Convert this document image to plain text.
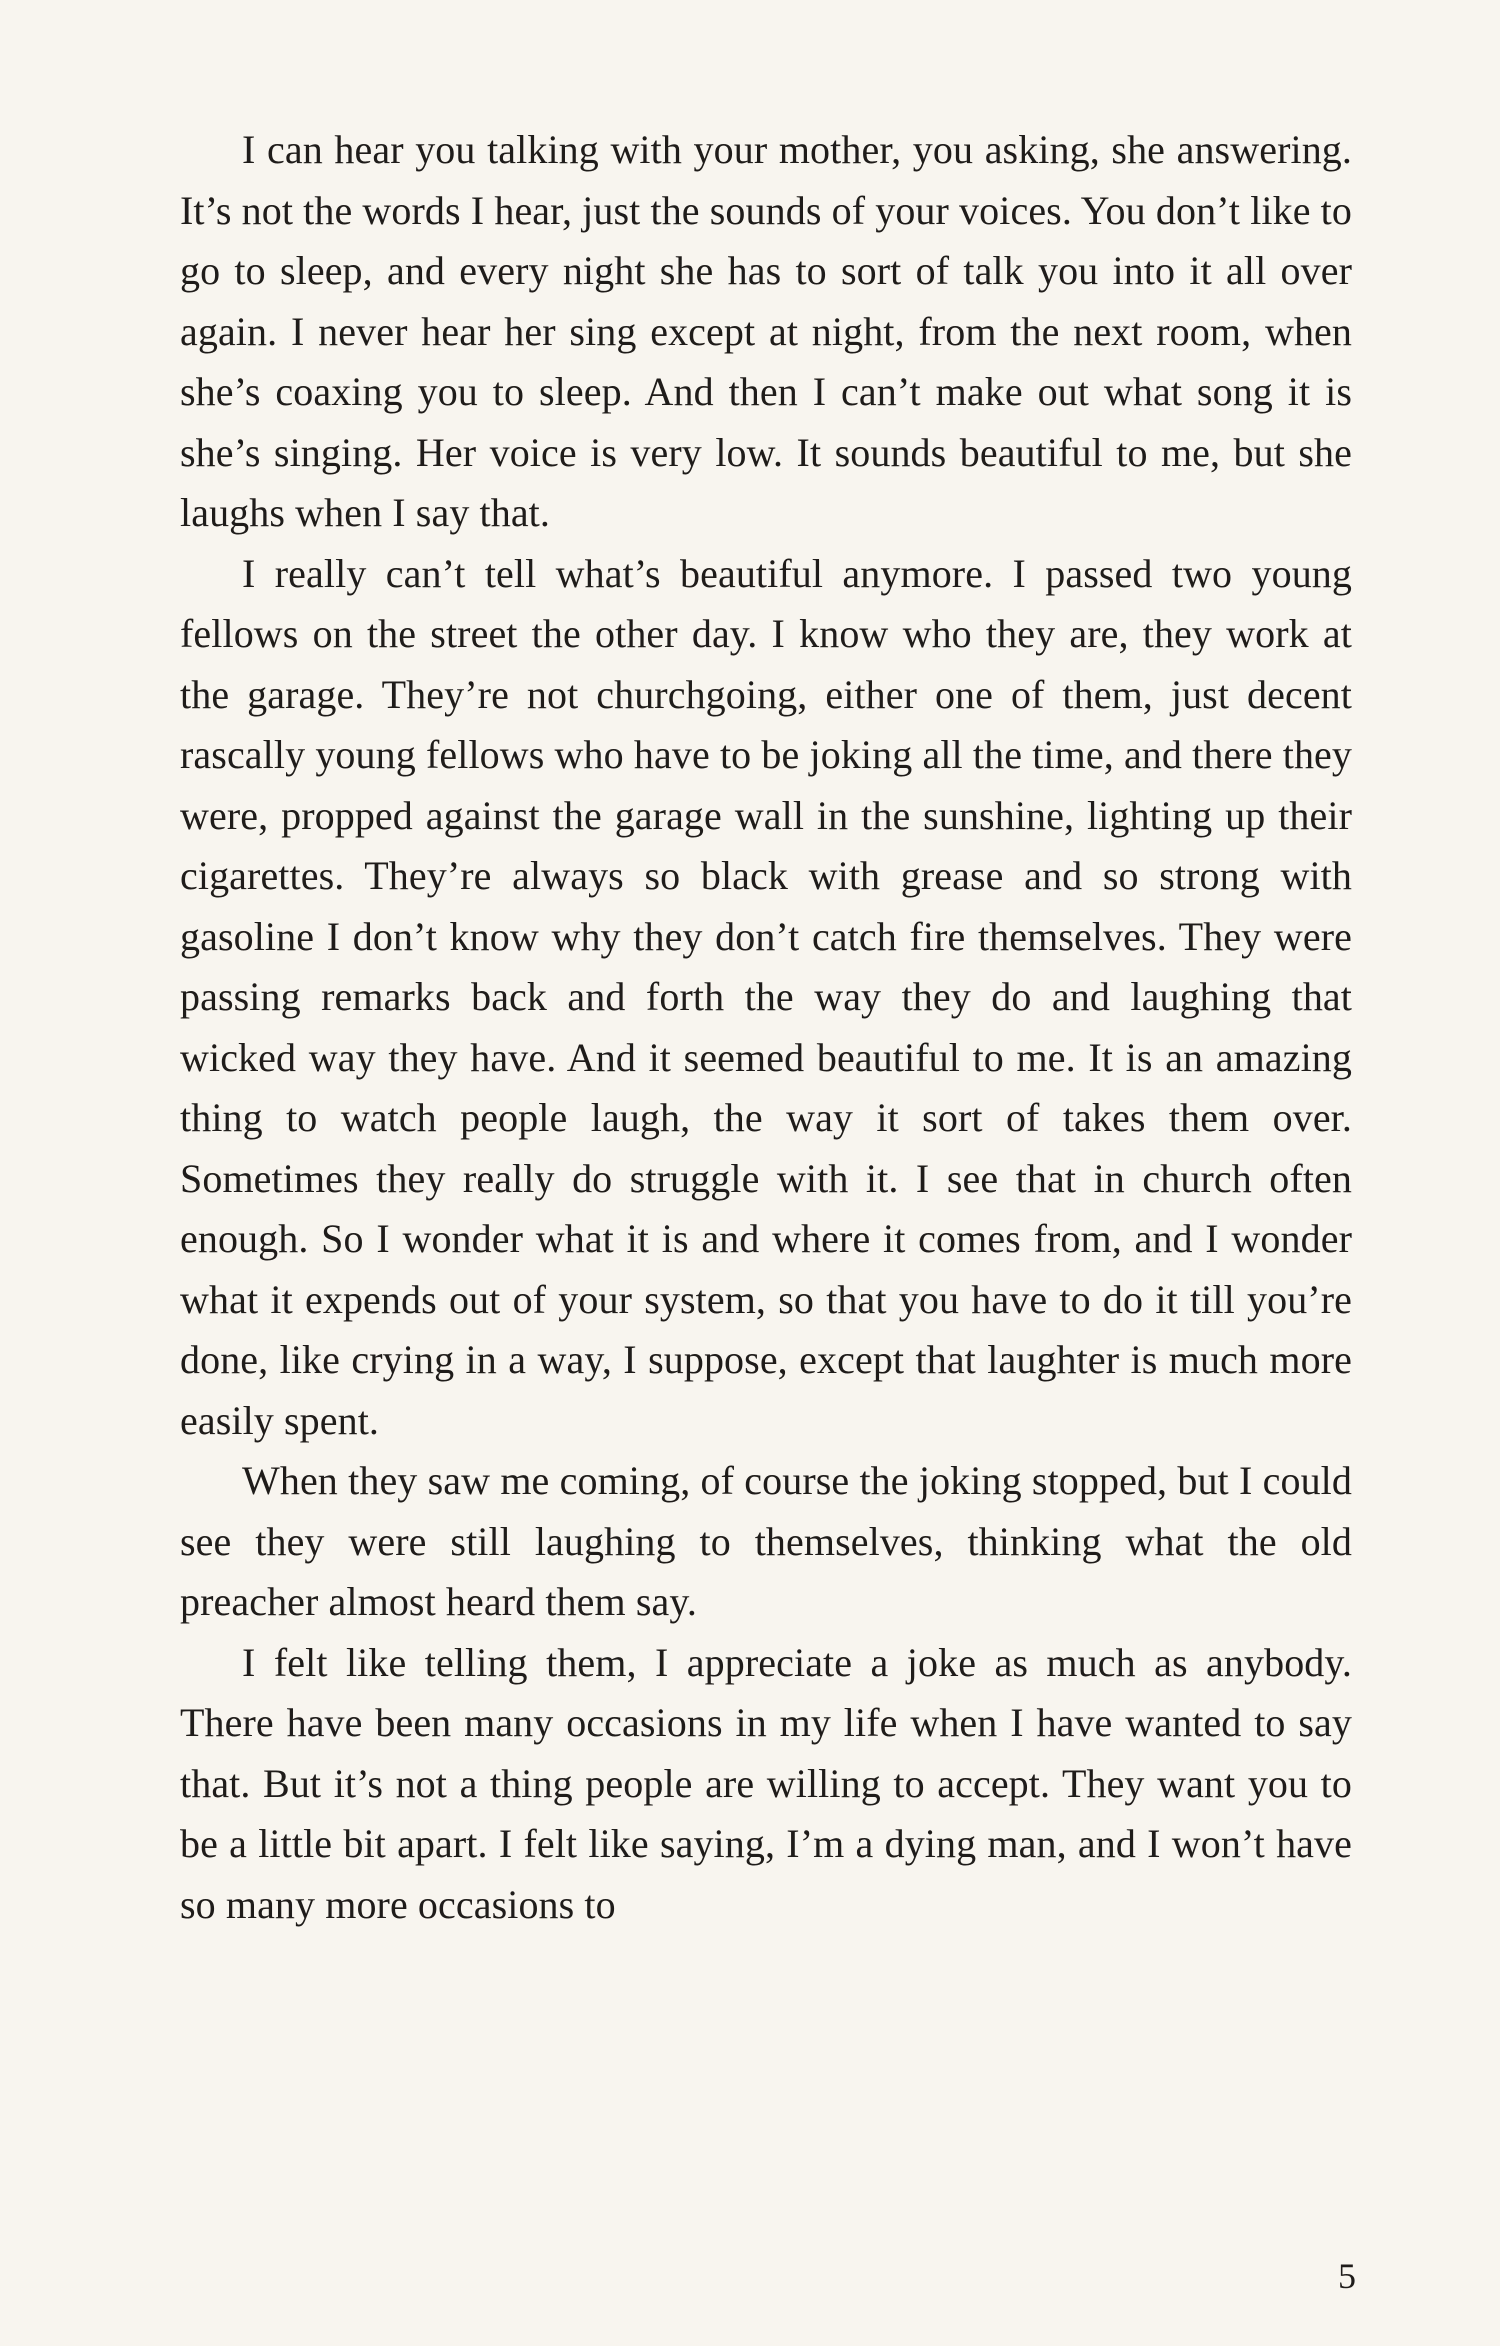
I can hear you talking with your mother, you asking, she answering. It’s not the words I hear, just the sounds of your voices. You don’t like to go to sleep, and every night she has to sort of talk you into it all over again. I never hear her sing except at night, from the next room, when she’s coaxing you to sleep. And then I can’t make out what song it is she’s singing. Her voice is very low. It sounds beautiful to me, but she laughs when I say that.

I really can’t tell what’s beautiful anymore. I passed two young fellows on the street the other day. I know who they are, they work at the garage. They’re not churchgoing, either one of them, just decent rascally young fellows who have to be joking all the time, and there they were, propped against the garage wall in the sunshine, lighting up their cigarettes. They’re always so black with grease and so strong with gasoline I don’t know why they don’t catch fire themselves. They were passing remarks back and forth the way they do and laughing that wicked way they have. And it seemed beautiful to me. It is an amazing thing to watch people laugh, the way it sort of takes them over. Sometimes they really do struggle with it. I see that in church often enough. So I wonder what it is and where it comes from, and I wonder what it expends out of your system, so that you have to do it till you’re done, like crying in a way, I suppose, except that laughter is much more easily spent.

When they saw me coming, of course the joking stopped, but I could see they were still laughing to themselves, thinking what the old preacher almost heard them say.

I felt like telling them, I appreciate a joke as much as anybody. There have been many occasions in my life when I have wanted to say that. But it’s not a thing people are willing to accept. They want you to be a little bit apart. I felt like saying, I’m a dying man, and I won’t have so many more occasions to

5
